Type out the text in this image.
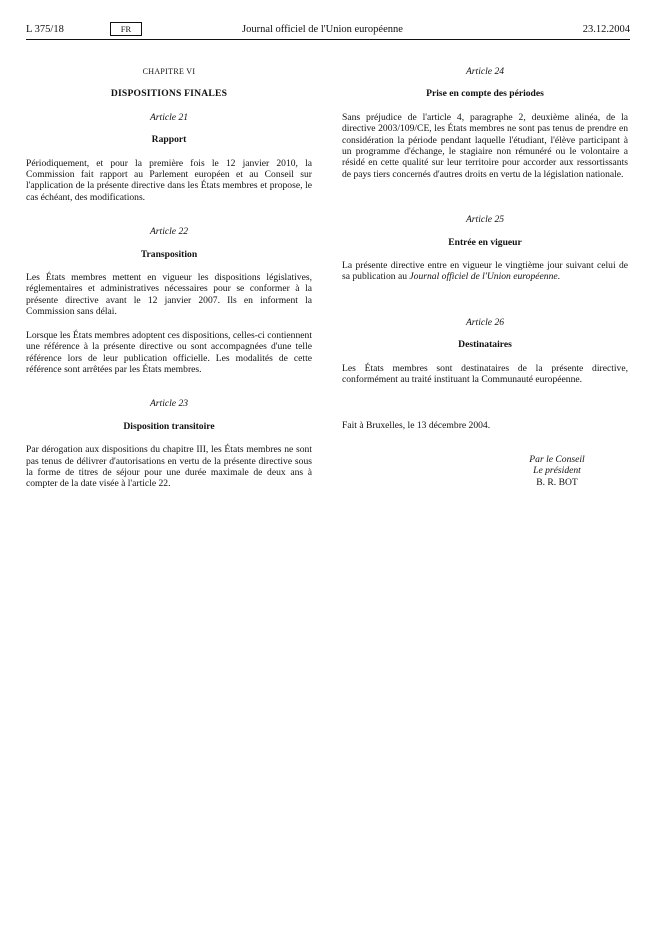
L 375/18	FR	Journal officiel de l'Union européenne	23.12.2004
CHAPITRE VI
DISPOSITIONS FINALES
Article 21
Rapport

Périodiquement, et pour la première fois le 12 janvier 2010, la Commission fait rapport au Parlement européen et au Conseil sur l'application de la présente directive dans les États membres et propose, le cas échéant, des modifications.

Article 22
Transposition

Les États membres mettent en vigueur les dispositions législatives, réglementaires et administratives nécessaires pour se conformer à la présente directive avant le 12 janvier 2007. Ils en informent la Commission sans délai.

Lorsque les États membres adoptent ces dispositions, celles-ci contiennent une référence à la présente directive ou sont accompagnées d'une telle référence lors de leur publication officielle. Les modalités de cette référence sont arrêtées par les États membres.

Article 23
Disposition transitoire

Par dérogation aux dispositions du chapitre III, les États membres ne sont pas tenus de délivrer d'autorisations en vertu de la présente directive sous la forme de titres de séjour pour une durée maximale de deux ans à compter de la date visée à l'article 22.

Article 24
Prise en compte des périodes

Sans préjudice de l'article 4, paragraphe 2, deuxième alinéa, de la directive 2003/109/CE, les États membres ne sont pas tenus de prendre en considération la période pendant laquelle l'étudiant, l'élève participant à un programme d'échange, le stagiaire non rémunéré ou le volontaire a résidé en cette qualité sur leur territoire pour accorder aux ressortissants de pays tiers concernés d'autres droits en vertu de la législation nationale.

Article 25
Entrée en vigueur

La présente directive entre en vigueur le vingtième jour suivant celui de sa publication au Journal officiel de l'Union européenne.

Article 26
Destinataires

Les États membres sont destinataires de la présente directive, conformément au traité instituant la Communauté européenne.

Fait à Bruxelles, le 13 décembre 2004.

Par le Conseil
Le président
B. R. BOT
